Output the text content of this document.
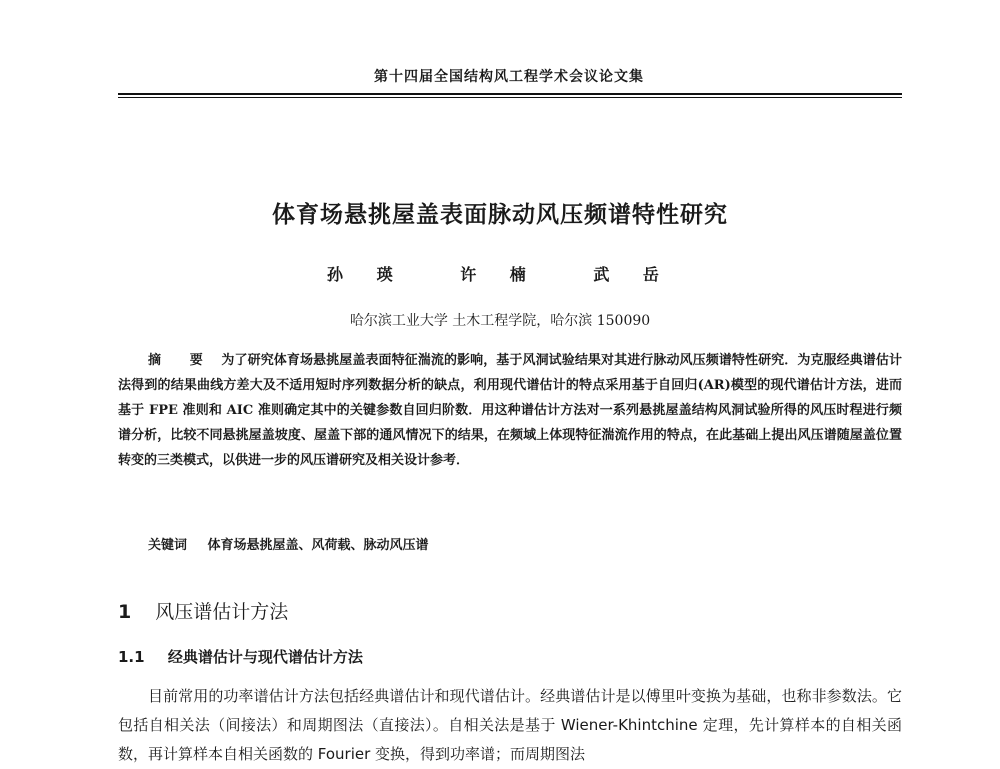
第十四届全国结构风工程学术会议论文集
体育场悬挑屋盖表面脉动风压频谱特性研究
孙 瑛	许 楠	武 岳
哈尔滨工业大学 土木工程学院，哈尔滨 150090
摘 要 为了研究体育场悬挑屋盖表面特征湍流的影响，基于风洞试验结果对其进行脉动风压频谱特性研究．为克服经典谱估计法得到的结果曲线方差大及不适用短时序列数据分析的缺点，利用现代谱估计的特点采用基于自回归(AR)模型的现代谱估计方法，进而基于 FPE 准则和 AIC 准则确定其中的关键参数自回归阶数．用这种谱估计方法对一系列悬挑屋盖结构风洞试验所得的风压时程进行频谱分析，比较不同悬挑屋盖坡度、屋盖下部的通风情况下的结果，在频域上体现特征湍流作用的特点，在此基础上提出风压谱随屋盖位置转变的三类模式，以供进一步的风压谱研究及相关设计参考．
关键词 体育场悬挑屋盖、风荷载、脉动风压谱
1 风压谱估计方法
1.1 经典谱估计与现代谱估计方法
目前常用的功率谱估计方法包括经典谱估计和现代谱估计。经典谱估计是以傅里叶变换为基础，也称非参数法。它包括自相关法（间接法）和周期图法（直接法）。自相关法是基于 Wiener-Khintchine 定理，先计算样本的自相关函数，再计算样本自相关函数的 Fourier 变换，得到功率谱；而周期图法
